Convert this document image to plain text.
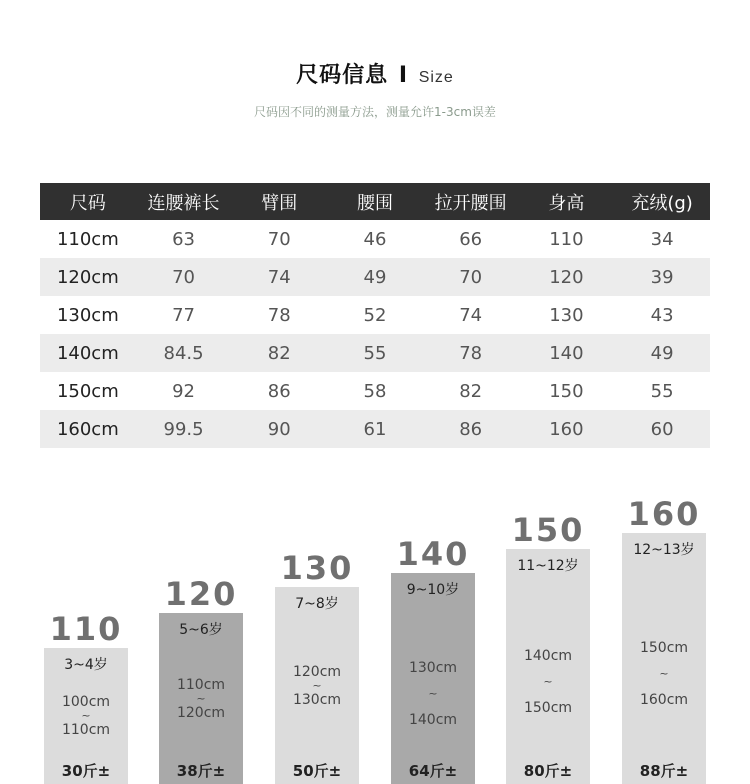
尺码信息 I Size
尺码因不同的测量方法，测量允许1-3cm误差
尺码	连腰裤长	臂围	腰围	拉开腰围	身高	充绒(g)
110cm	63	70	46	66	110	34
120cm	70	74	49	70	120	39
130cm	77	78	52	74	130	43
140cm	84.5	82	55	78	140	49
150cm	92	86	58	82	150	55
160cm	99.5	90	61	86	160	60
110
3~4岁
100cm
~
110cm
30斤±
120
5~6岁
110cm
~
120cm
38斤±
130
7~8岁
120cm
~
130cm
50斤±
140
9~10岁
130cm
~
140cm
64斤±
150
11~12岁
140cm
~
150cm
80斤±
160
12~13岁
150cm
~
160cm
88斤±
